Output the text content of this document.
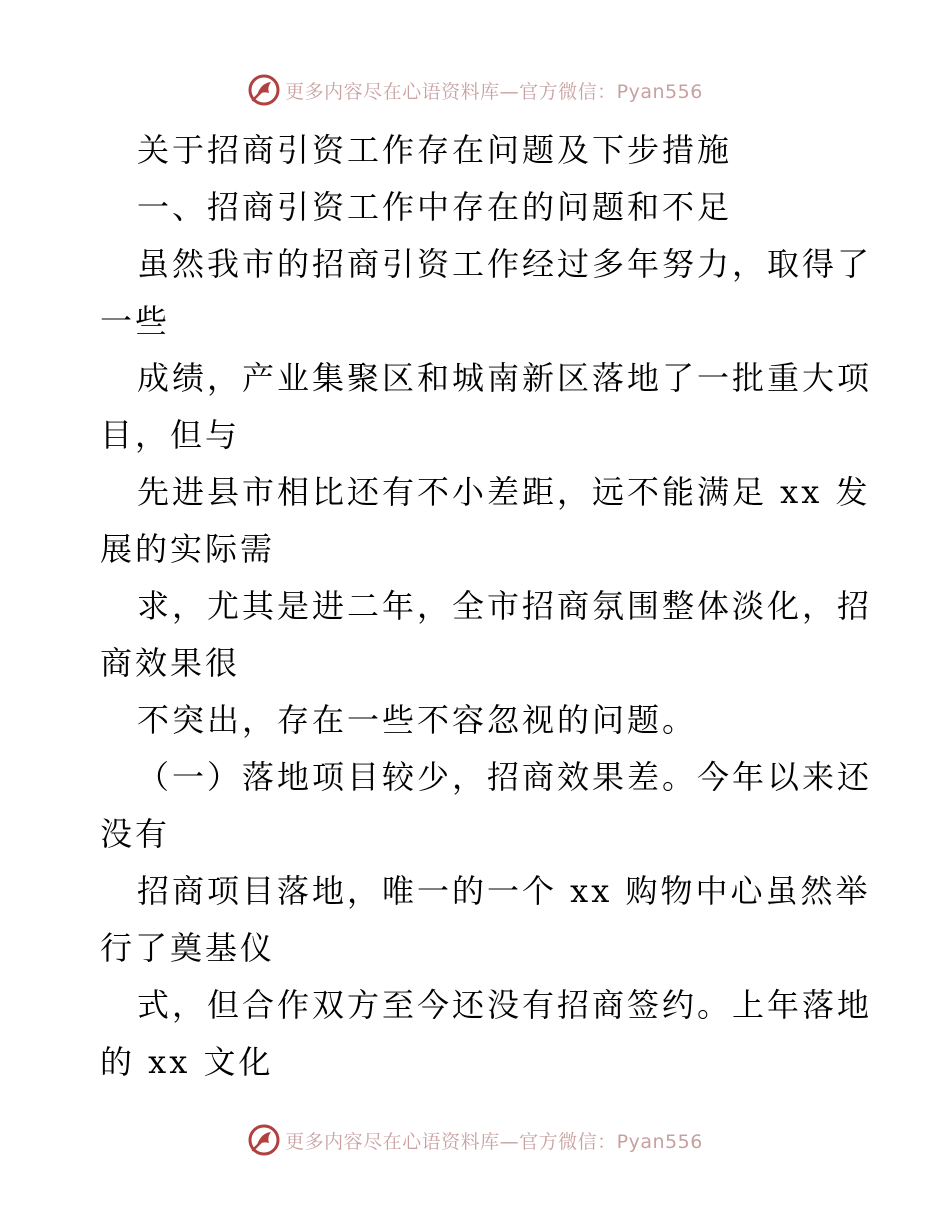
更多内容尽在心语资料库—官方微信：Pyan556
关于招商引资工作存在问题及下步措施
一、招商引资工作中存在的问题和不足
虽然我市的招商引资工作经过多年努力，取得了
一些
成绩，产业集聚区和城南新区落地了一批重大项
目，但与
先进县市相比还有不小差距，远不能满足 xx 发
展的实际需
求，尤其是进二年，全市招商氛围整体淡化，招
商效果很
不突出，存在一些不容忽视的问题。
（一）落地项目较少，招商效果差。今年以来还
没有
招商项目落地，唯一的一个 xx 购物中心虽然举
行了奠基仪
式，但合作双方至今还没有招商签约。上年落地
的 xx 文化
更多内容尽在心语资料库—官方微信：Pyan556
